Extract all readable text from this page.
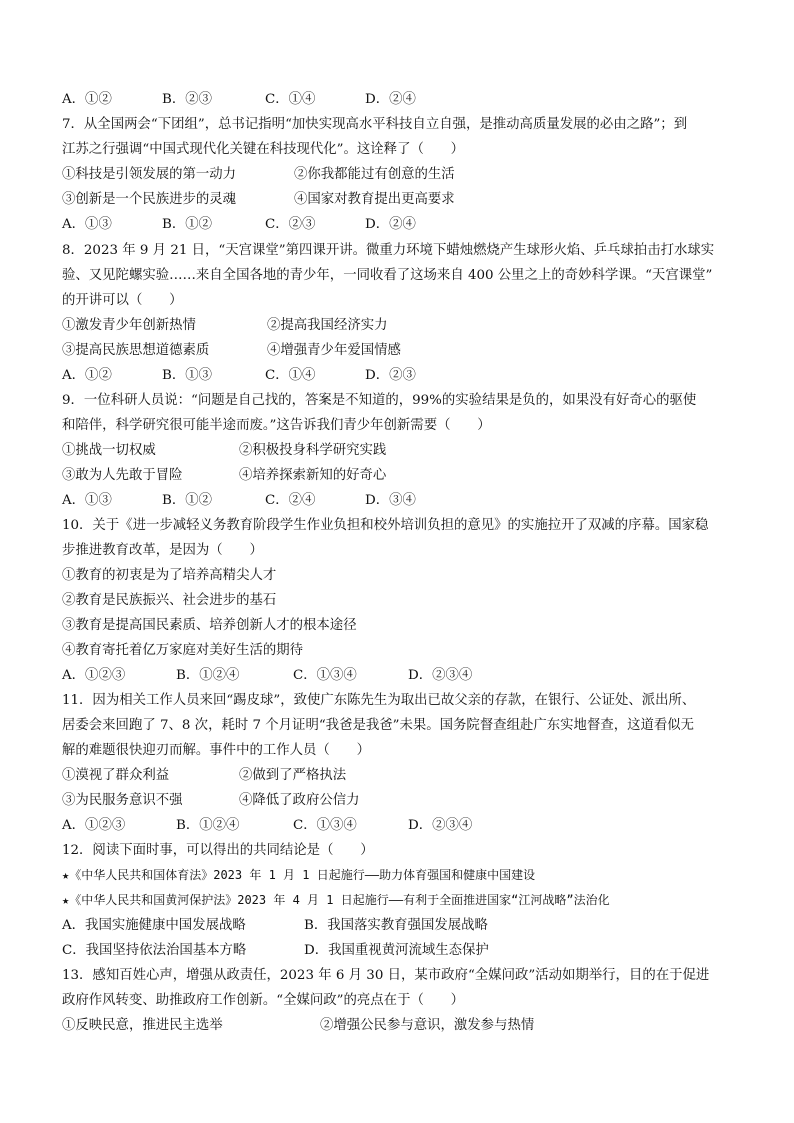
A．①②	B．②③	C．①④	D．②④
7．从全国两会“下团组”，总书记指明“加快实现高水平科技自立自强，是推动高质量发展的必由之路”；到
江苏之行强调“中国式现代化关键在科技现代化”。这诠释了（　　）
①科技是引领发展的第一动力	②你我都能过有创意的生活
③创新是一个民族进步的灵魂	④国家对教育提出更高要求
A．①③	B．①②	C．②③	D．②④
8．2023 年 9 月 21 日，“天宫课堂”第四课开讲。微重力环境下蜡烛燃烧产生球形火焰、乒乓球拍击打水球实
验、又见陀螺实验……来自全国各地的青少年，一同收看了这场来自 400 公里之上的奇妙科学课。“天宫课堂”
的开讲可以（　　）
①激发青少年创新热情	②提高我国经济实力
③提高民族思想道德素质	④增强青少年爱国情感
A．①②	B．①③	C．①④	D．②③
9．一位科研人员说：“问题是自己找的，答案是不知道的，99%的实验结果是负的，如果没有好奇心的驱使
和陪伴，科学研究很可能半途而废。”这告诉我们青少年创新需要（　　）
①挑战一切权威	②积极投身科学研究实践
③敢为人先敢于冒险	④培养探索新知的好奇心
A．①③	B．①②	C．②④	D．③④
10．关于《进一步减轻义务教育阶段学生作业负担和校外培训负担的意见》的实施拉开了双减的序幕。国家稳
步推进教育改革，是因为（　　）
①教育的初衷是为了培养高精尖人才
②教育是民族振兴、社会进步的基石
③教育是提高国民素质、培养创新人才的根本途径
④教育寄托着亿万家庭对美好生活的期待
A．①②③	B．①②④	C．①③④	D．②③④
11．因为相关工作人员来回“踢皮球”，致使广东陈先生为取出已故父亲的存款，在银行、公证处、派出所、
居委会来回跑了 7、8 次，耗时 7 个月证明“我爸是我爸”未果。国务院督查组赴广东实地督查，这道看似无
解的难题很快迎刃而解。事件中的工作人员（　　）
①漠视了群众利益	②做到了严格执法
③为民服务意识不强	④降低了政府公信力
A．①②③	B．①②④	C．①③④	D．②③④
12．阅读下面时事，可以得出的共同结论是（　　）
★《中华人民共和国体育法》2023 年 1 月 1 日起施行——助力体育强国和健康中国建设
★《中华人民共和国黄河保护法》2023 年 4 月 1 日起施行——有利于全面推进国家“江河战略”法治化
A．我国实施健康中国发展战略	B．我国落实教育强国发展战略
C．我国坚持依法治国基本方略	D．我国重视黄河流域生态保护
13．感知百姓心声，增强从政责任，2023 年 6 月 30 日，某市政府“全媒问政”活动如期举行，目的在于促进
政府作风转变、助推政府工作创新。“全媒问政”的亮点在于（　　）
①反映民意，推进民主选举	②增强公民参与意识，激发参与热情
